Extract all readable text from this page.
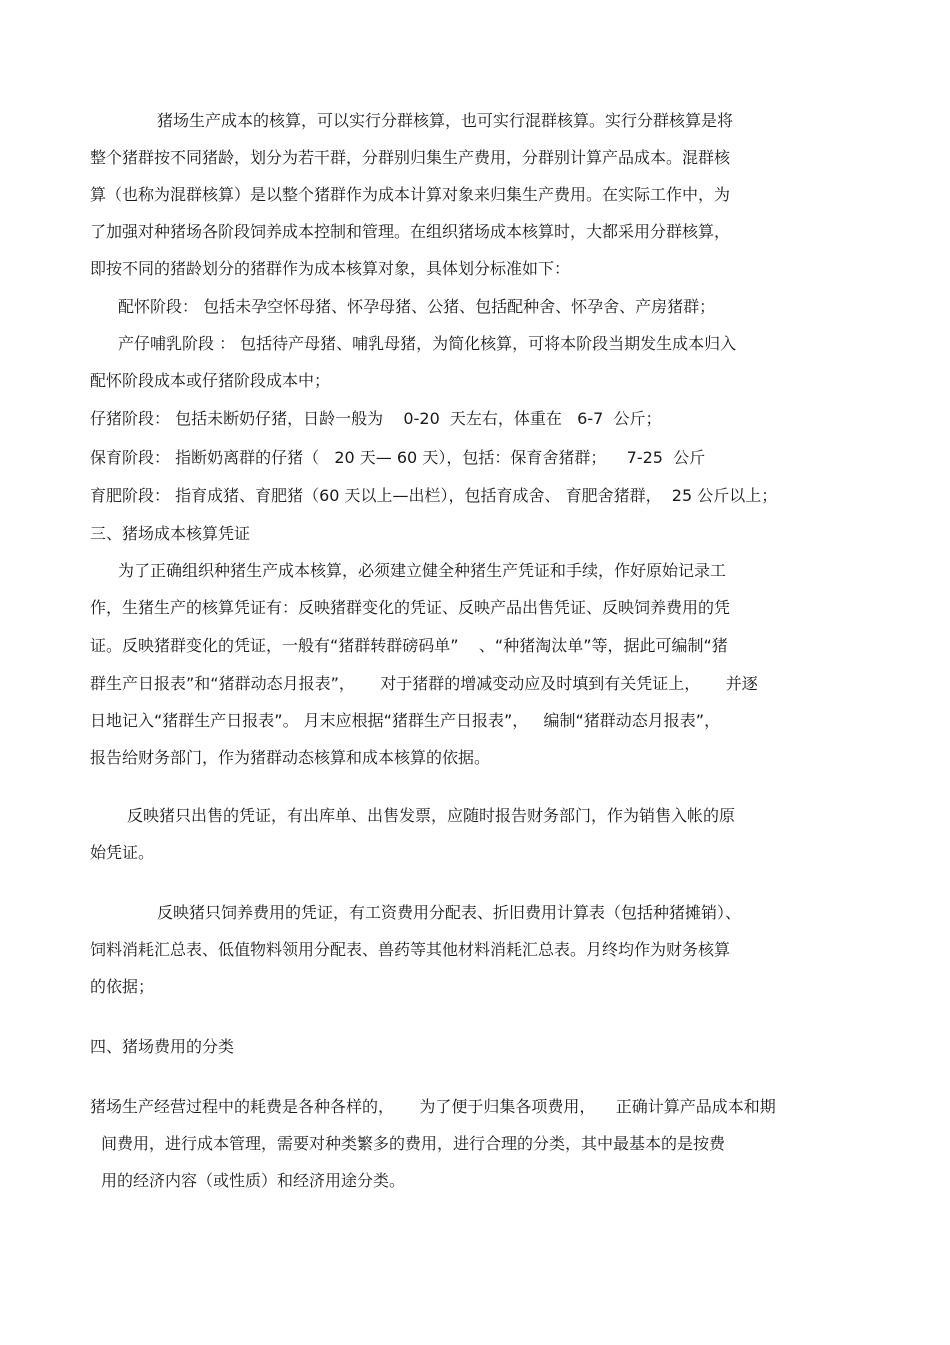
猪场生产成本的核算，可以实行分群核算，也可实行混群核算。实行分群核算是将

整个猪群按不同猪龄，划分为若干群，分群别归集生产费用，分群别计算产品成本。混群核

算（也称为混群核算）是以整个猪群作为成本计算对象来归集生产费用。在实际工作中，为

了加强对种猪场各阶段饲养成本控制和管理。在组织猪场成本核算时，大都采用分群核算，

即按不同的猪龄划分的猪群作为成本核算对象，具体划分标准如下：

配怀阶段： 包括未孕空怀母猪、怀孕母猪、公猪、包括配种舍、怀孕舍、产房猪群；

产仔哺乳阶段 ： 包括待产母猪、哺乳母猪，为简化核算，可将本阶段当期发生成本归入

配怀阶段成本或仔猪阶段成本中；

仔猪阶段： 包括未断奶仔猪，日龄一般为    0-20  天左右，体重在   6-7  公斤；

保育阶段： 指断奶离群的仔猪（   20 天— 60 天），包括：保育舍猪群；    7-25  公斤

育肥阶段： 指育成猪、育肥猪（60 天以上—出栏），包括育成舍、 育肥舍猪群，  25 公斤以上；

三、猪场成本核算凭证

为了正确组织种猪生产成本核算，必须建立健全种猪生产凭证和手续，作好原始记录工

作，生猪生产的核算凭证有：反映猪群变化的凭证、反映产品出售凭证、反映饲养费用的凭

证。反映猪群变化的凭证，一般有“猪群转群磅码单”    、“种猪淘汰单”等，据此可编制“猪

群生产日报表”和“猪群动态月报表”，     对于猪群的增减变动应及时填到有关凭证上，     并逐

日地记入“猪群生产日报表”。 月末应根据“猪群生产日报表”，   编制“猪群动态月报表”，

报告给财务部门，作为猪群动态核算和成本核算的依据。

反映猪只出售的凭证，有出库单、出售发票，应随时报告财务部门，作为销售入帐的原

始凭证。

反映猪只饲养费用的凭证，有工资费用分配表、折旧费用计算表（包括种猪摊销）、

饲料消耗汇总表、低值物料领用分配表、兽药等其他材料消耗汇总表。月终均作为财务核算

的依据；

四、猪场费用的分类

猪场生产经营过程中的耗费是各种各样的，     为了便于归集各项费用，    正确计算产品成本和期

间费用，进行成本管理，需要对种类繁多的费用，进行合理的分类，其中最基本的是按费

用的经济内容（或性质）和经济用途分类。
